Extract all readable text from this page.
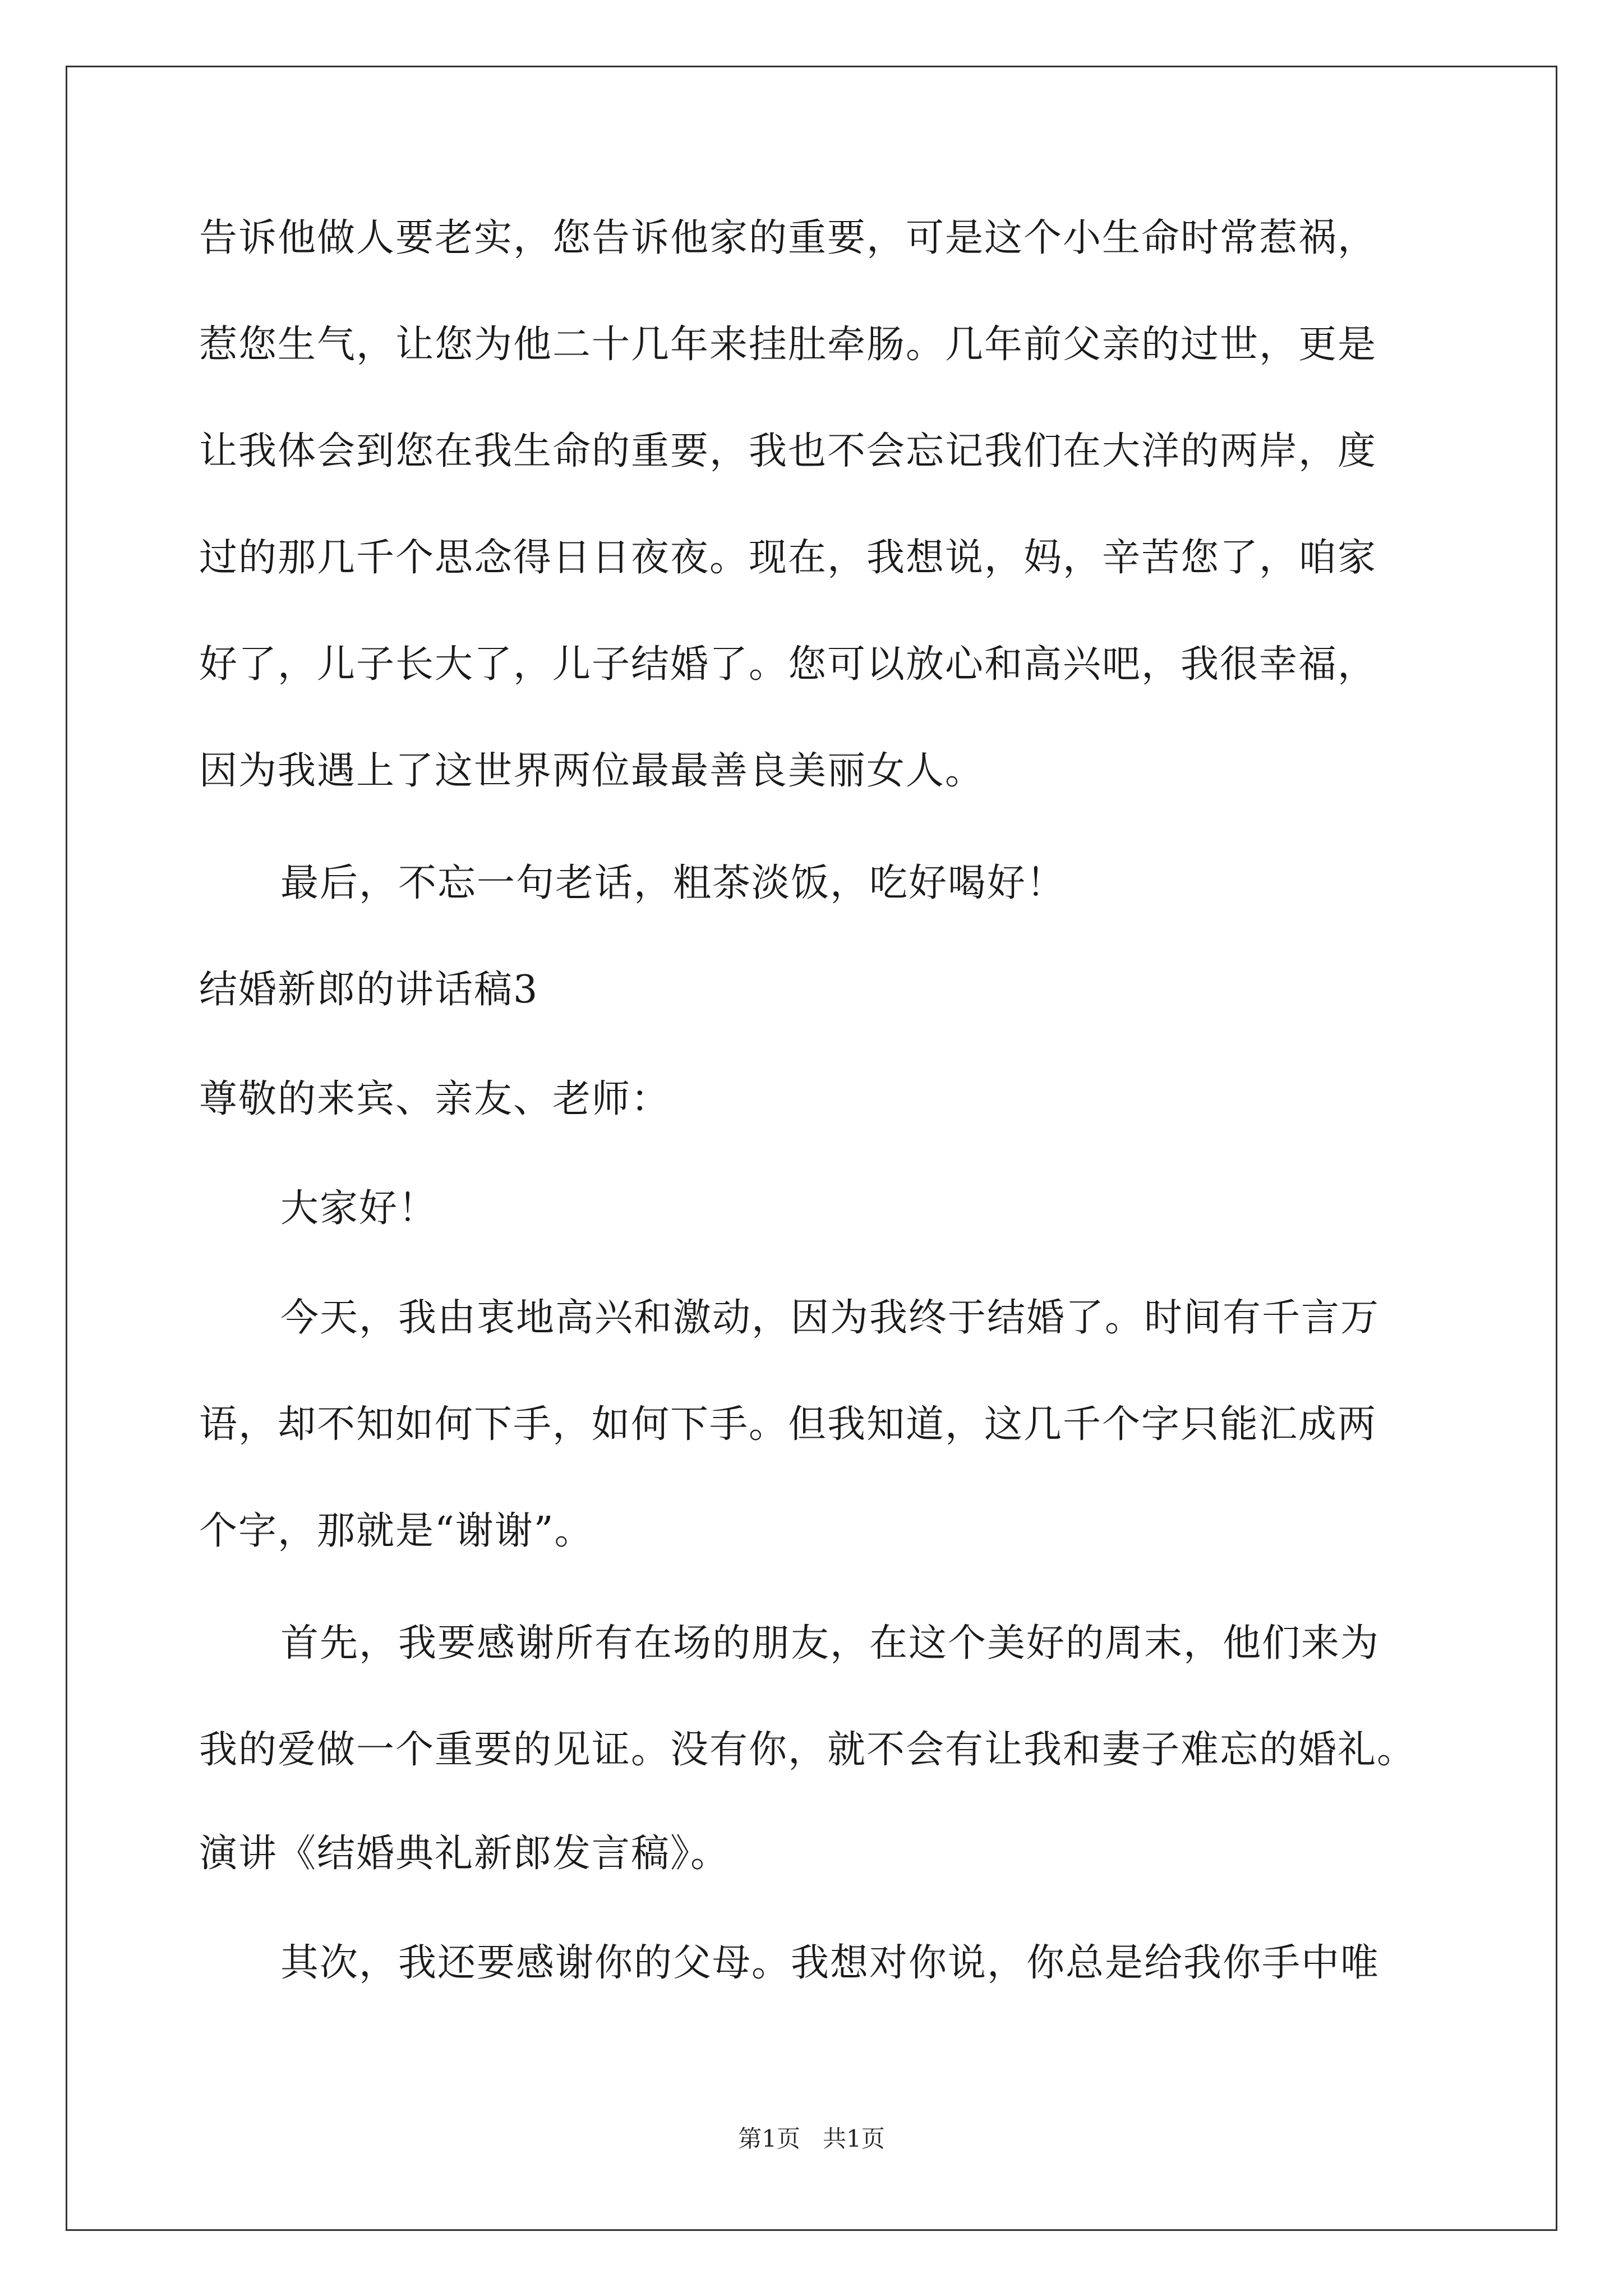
告诉他做人要老实，您告诉他家的重要，可是这个小生命时常惹祸，
惹您生气，让您为他二十几年来挂肚牵肠。几年前父亲的过世，更是
让我体会到您在我生命的重要，我也不会忘记我们在大洋的两岸，度
过的那几千个思念得日日夜夜。现在，我想说，妈，辛苦您了，咱家
好了，儿子长大了，儿子结婚了。您可以放心和高兴吧，我很幸福，
因为我遇上了这世界两位最最善良美丽女人。
最后，不忘一句老话，粗茶淡饭，吃好喝好！
结婚新郎的讲话稿3
尊敬的来宾、亲友、老师：
大家好！
今天，我由衷地高兴和激动，因为我终于结婚了。时间有千言万
语，却不知如何下手，如何下手。但我知道，这几千个字只能汇成两
个字，那就是“谢谢”。
首先，我要感谢所有在场的朋友，在这个美好的周末，他们来为
我的爱做一个重要的见证。没有你，就不会有让我和妻子难忘的婚礼。
演讲《结婚典礼新郎发言稿》。
其次，我还要感谢你的父母。我想对你说，你总是给我你手中唯
第1页 共1页
